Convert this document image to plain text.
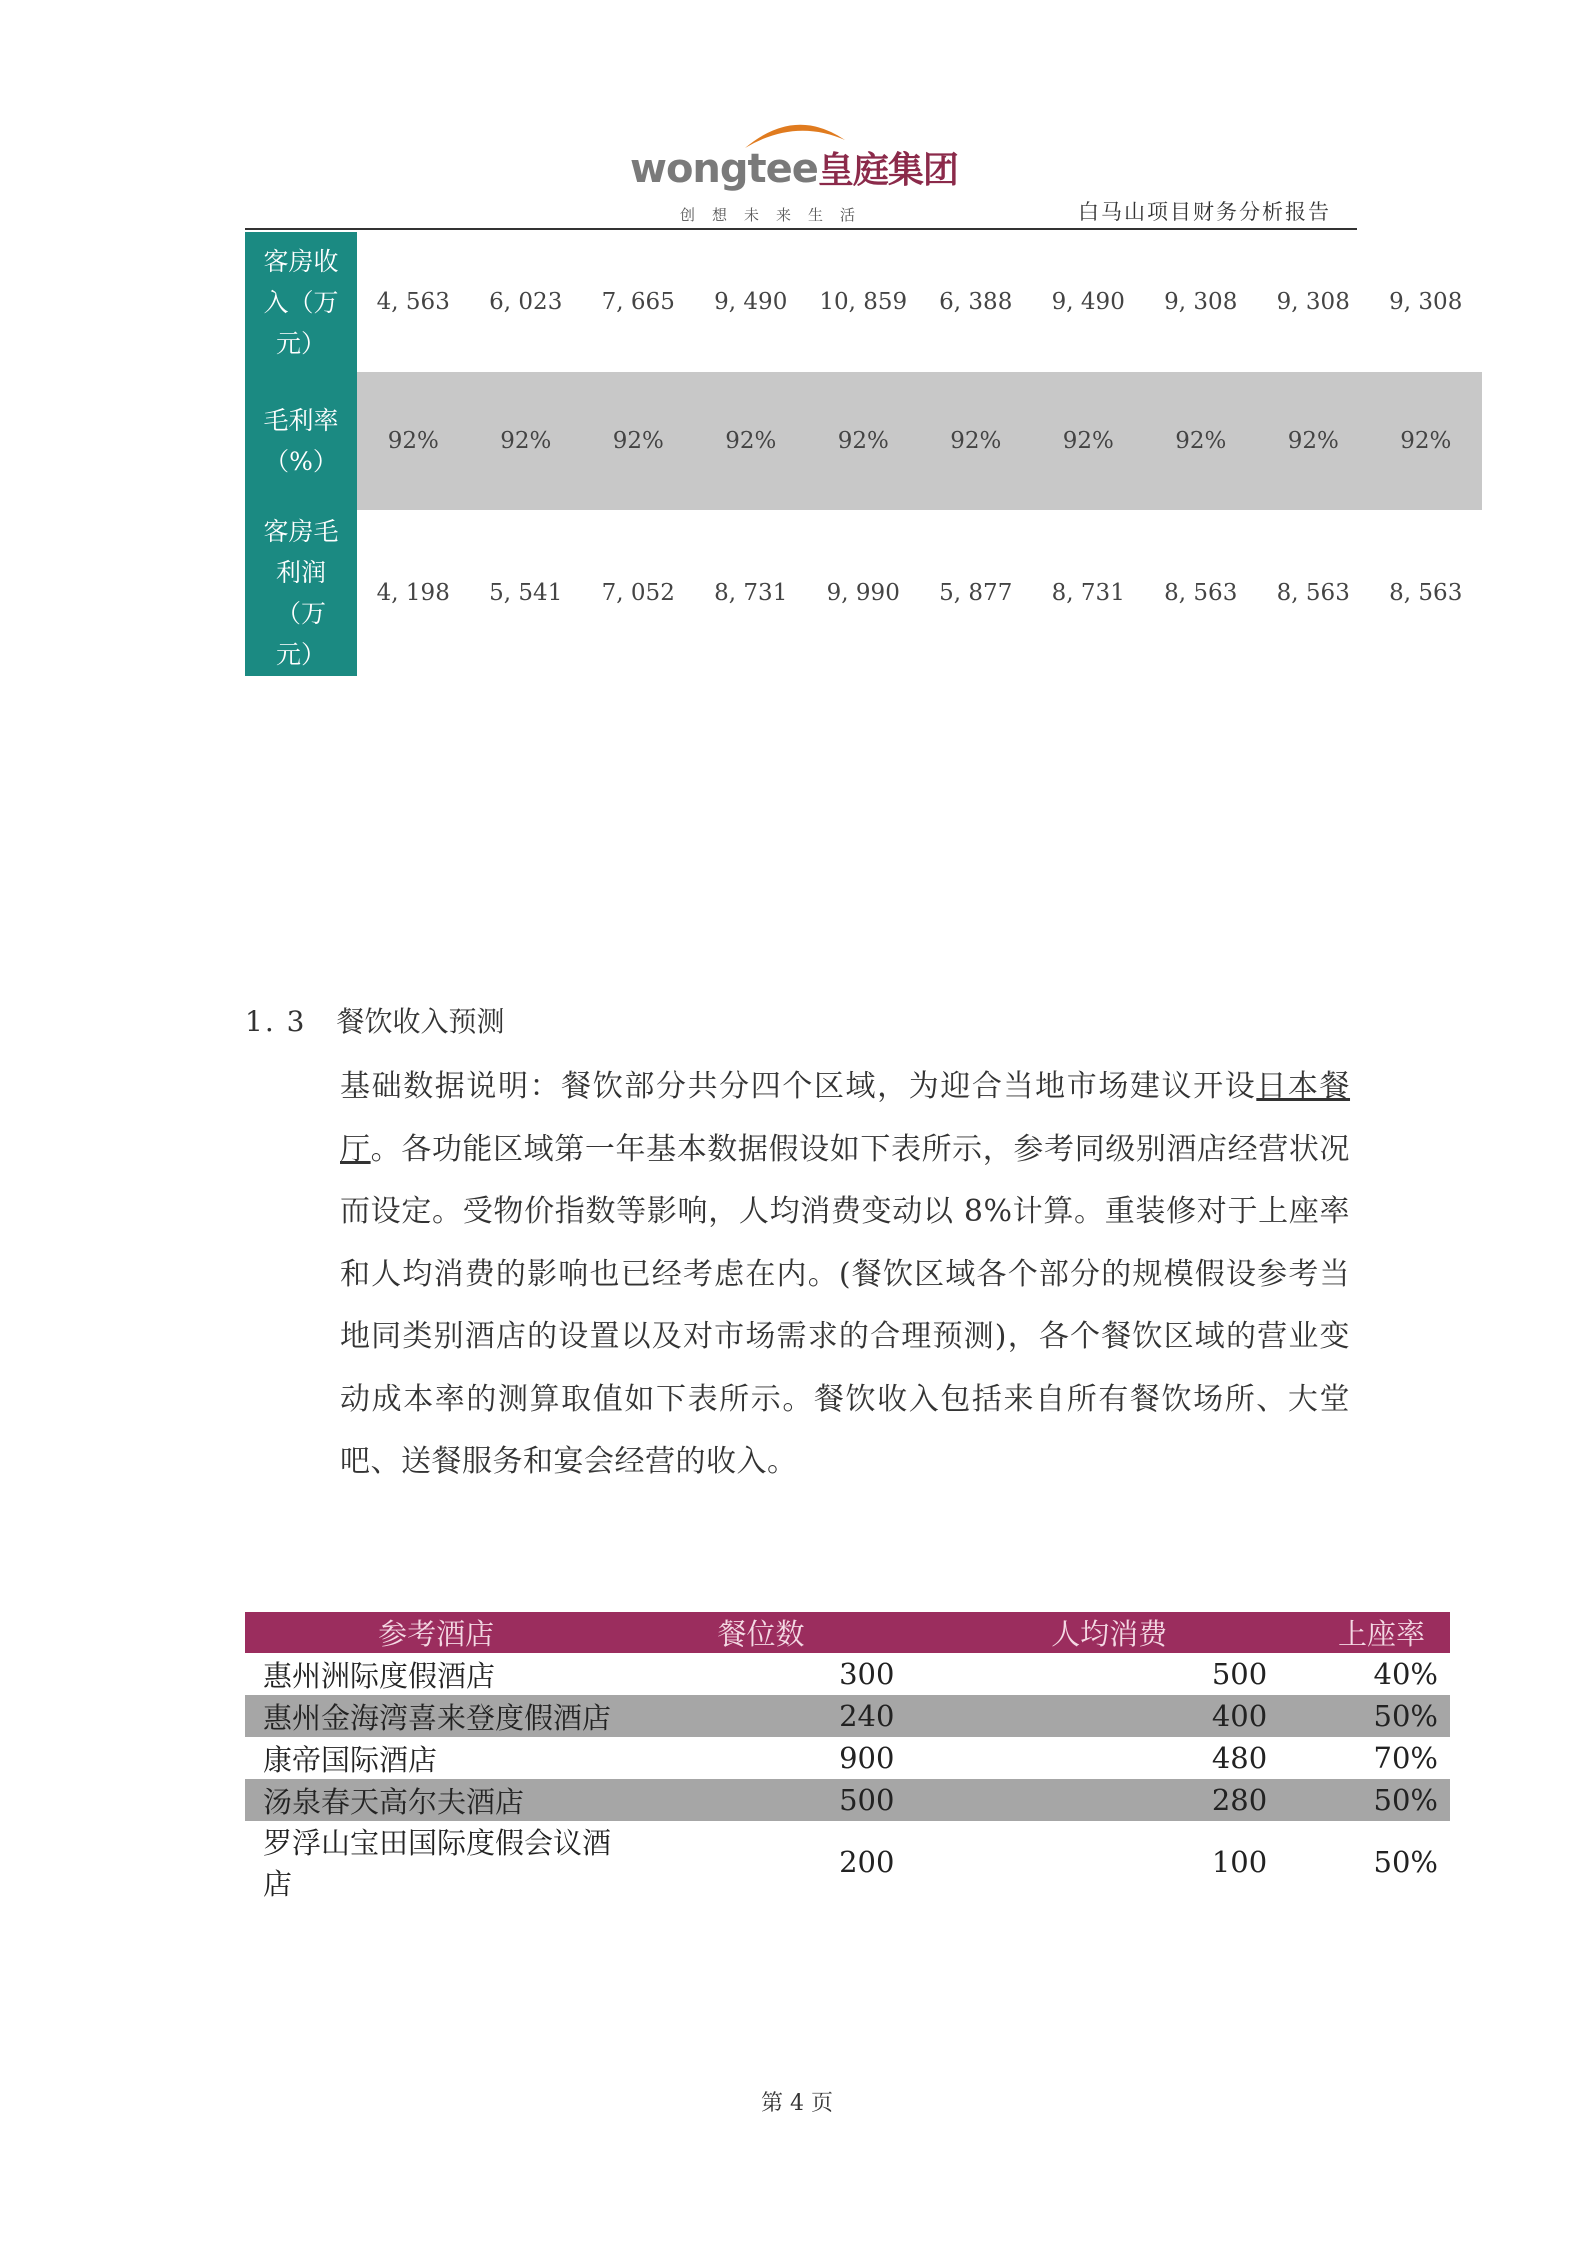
wongtee皇庭集团
创想未来生活	白马山项目财务分析报告
客房收入（万元）
4, 563	6, 023	7, 665	9, 490	10, 859	6, 388	9, 490	9, 308	9, 308	9, 308
毛利率（%）
92%	92%	92%	92%	92%	92%	92%	92%	92%	92%
客房毛利润（万元）
4, 198	5, 541	7, 052	8, 731	9, 990	5, 877	8, 731	8, 563	8, 563	8, 563
1. 3 餐饮收入预测
基础数据说明：餐饮部分共分四个区域，为迎合当地市场建议开设日本餐厅。各功能区域第一年基本数据假设如下表所示，参考同级别酒店经营状况而设定。受物价指数等影响，人均消费变动以 8%计算。重装修对于上座率和人均消费的影响也已经考虑在内。(餐饮区域各个部分的规模假设参考当地同类别酒店的设置以及对市场需求的合理预测)，各个餐饮区域的营业变动成本率的测算取值如下表所示。餐饮收入包括来自所有餐饮场所、大堂吧、送餐服务和宴会经营的收入。
参考酒店	餐位数	人均消费	上座率
惠州洲际度假酒店	300	500	40%
惠州金海湾喜来登度假酒店	240	400	50%
康帝国际酒店	900	480	70%
汤泉春天高尔夫酒店	500	280	50%
罗浮山宝田国际度假会议酒店	200	100	50%
第 4 页
